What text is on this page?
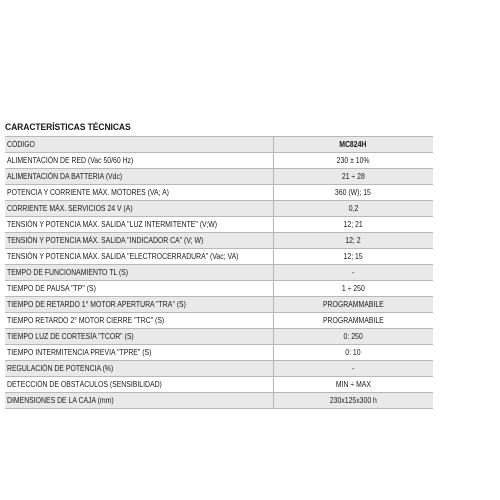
CARACTERÍSTICAS TÉCNICAS
CÓDIGO	MC824H
ALIMENTACIÓN DE RED (Vac 50/60 Hz)	230 ± 10%
ALIMENTACIÓN DA BATTERIA (Vdc)	21 ÷ 28
POTENCIA Y CORRIENTE MÁX. MOTORES (VA; A)	360 (W); 15
CORRIENTE MÁX. SERVICIOS 24 V (A)	0,2
TENSIÓN Y POTENCIA MÁX. SALIDA "LUZ INTERMITENTE" (V;W)	12; 21
TENSIÓN Y POTENCIA MÁX. SALIDA "INDICADOR CA" (V; W)	12; 2
TENSIÓN Y POTENCIA MÁX. SALIDA "ELECTROCERRADURA" (Vac; VA)	12; 15
TEMPO DE FUNCIONAMIENTO TL (S)	-
TIEMPO DE PAUSA "TP" (S)	1 ÷ 250
TIEMPO DE RETARDO 1° MOTOR APERTURA "TRA" (S)	PROGRAMMABILE
TIEMPO RETARDO 2° MOTOR CIERRE "TRC" (S)	PROGRAMMABILE
TIEMPO LUZ DE CORTESÍA "TCOR" (S)	0: 250
TIEMPO INTERMITENCIA PREVIA "TPRE" (S)	0: 10
REGULACIÓN DE POTENCIA (%)	-
DETECCIÓN DE OBSTÁCULOS (SENSIBILIDAD)	MIN ÷ MAX
DIMENSIONES DE LA CAJA (mm)	230x125x300 h
